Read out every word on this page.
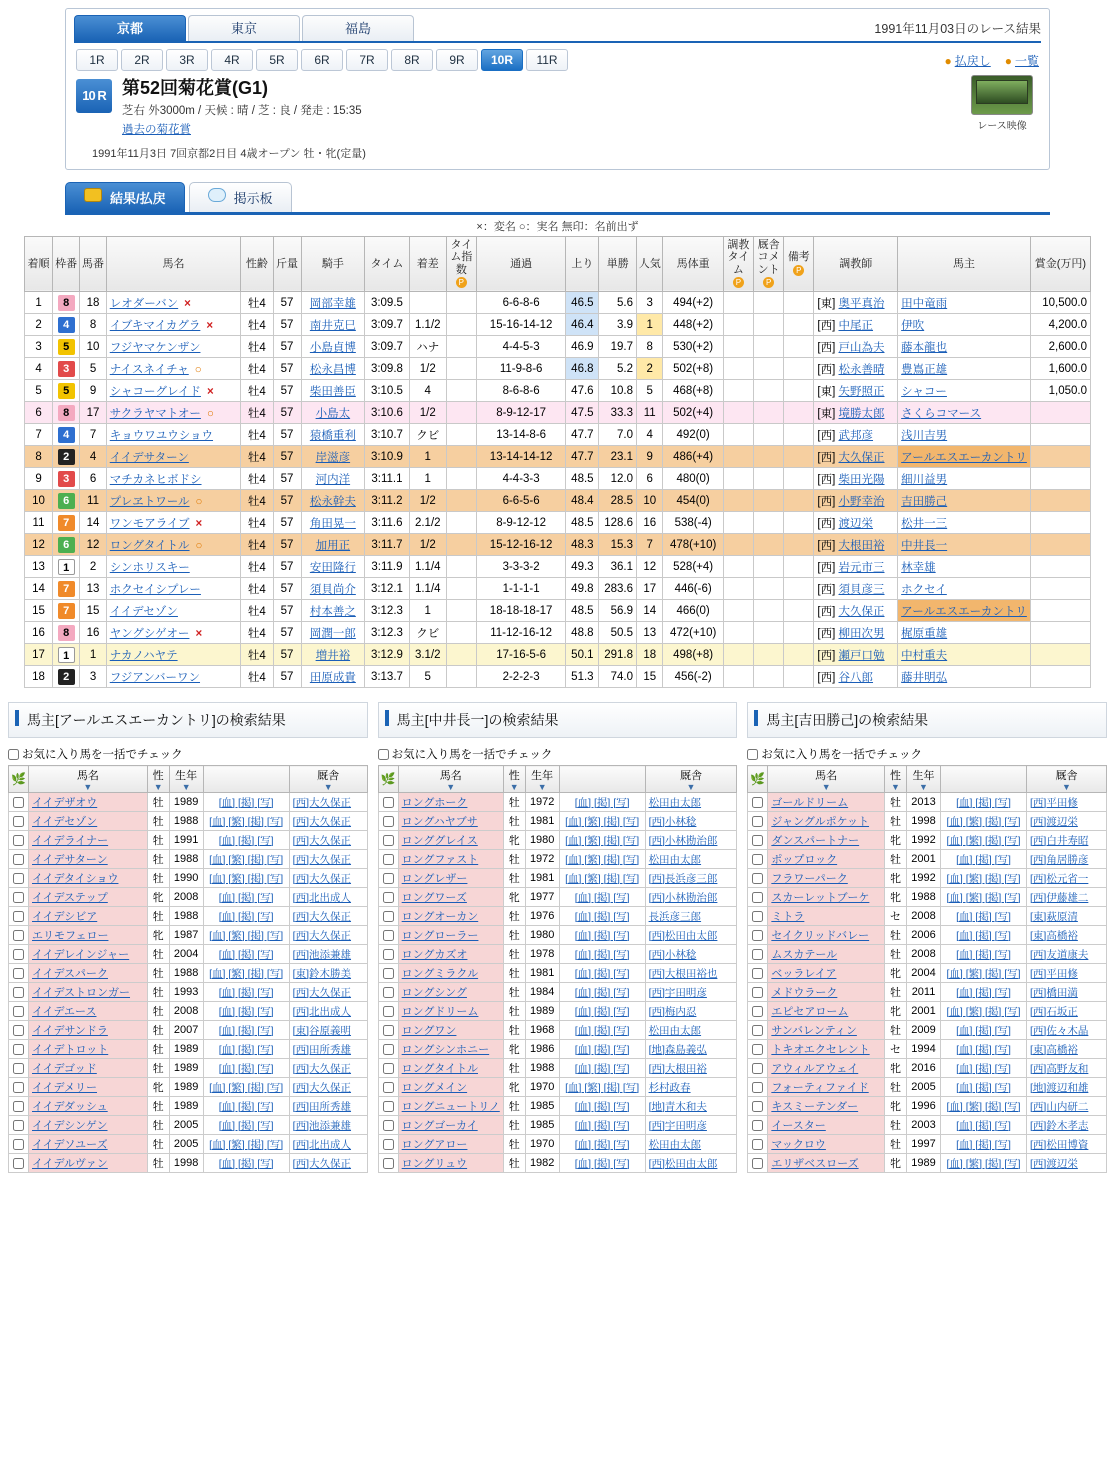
京都	東京	福島	1991年11月03日のレース結果
1R	2R	3R	4R	5R	6R	7R	8R	9R	10R	11R	● 払戻し ● 一覧
10 R 第52回菊花賞(G1)
芝右 外3000m / 天候 : 晴 / 芝 : 良 / 発走 : 15:35
過去の菊花賞	レース映像
1991年11月3日 7回京都2日目 4歳オープン 牡・牝(定量)
結果/払戻	掲示板
×：変名 ○：実名 無印：名前出ず
着順	枠番	馬番	馬名	性齢	斤量	騎手	タイム	着差	タイム指数
P	通過	上り	単勝	人気	馬体重	調教タイム
P	厩舎コメント
P	備考
P	調教師	馬主	賞金(万円)
1	8	18	レオダーバン ×	牡4	57	岡部幸雄	3:09.5			6-6-8-6	46.5	5.6	3	494(+2)				[東] 奥平真治	田中竜雨	10,500.0
2	4	8	イブキマイカグラ ×	牡4	57	南井克巳	3:09.7	1.1/2		15-16-14-12	46.4	3.9	1	448(+2)				[西] 中尾正	伊吹	4,200.0
3	5	10	フジヤマケンザン	牡4	57	小島貞博	3:09.7	ハナ		4-4-5-3	46.9	19.7	8	530(+2)				[西] 戸山為夫	藤本龍也	2,600.0
4	3	5	ナイスネイチャ ○	牡4	57	松永昌博	3:09.8	1/2		11-9-8-6	46.8	5.2	2	502(+8)				[西] 松永善晴	豊嶌正雄	1,600.0
5	5	9	シャコーグレイド ×	牡4	57	柴田善臣	3:10.5	4		8-6-8-6	47.6	10.8	5	468(+8)				[東] 矢野照正	シャコー	1,050.0
6	8	17	サクラヤマトオー ○	牡4	57	小島太	3:10.6	1/2		8-9-12-17	47.5	33.3	11	502(+4)				[東] 境勝太郎	さくらコマース	
7	4	7	キョウワユウショウ	牡4	57	猿橋重利	3:10.7	クビ		13-14-8-6	47.7	7.0	4	492(0)				[西] 武邦彦	浅川吉男	
8	2	4	イイデサターン	牡4	57	岸滋彦	3:10.9	1		13-14-14-12	47.7	23.1	9	486(+4)				[西] 大久保正	アールエスエーカントリ	
9	3	6	マチカネヒボドシ	牡4	57	河内洋	3:11.1	1		4-4-3-3	48.5	12.0	6	480(0)				[西] 柴田光陽	細川益男	
10	6	11	プレヱトワール ○	牡4	57	松永幹夫	3:11.2	1/2		6-6-5-6	48.4	28.5	10	454(0)				[西] 小野幸治	吉田勝己	
11	7	14	ワンモアライブ ×	牡4	57	角田晃一	3:11.6	2.1/2		8-9-12-12	48.5	128.6	16	538(-4)				[西] 渡辺栄	松井一三	
12	6	12	ロングタイトル ○	牡4	57	加用正	3:11.7	1/2		15-12-16-12	48.3	15.3	7	478(+10)				[西] 大根田裕	中井長一	
13	1	2	シンホリスキー	牡4	57	安田隆行	3:11.9	1.1/4		3-3-3-2	49.3	36.1	12	528(+4)				[西] 岩元市三	林幸雄	
14	7	13	ホクセイシプレー	牡4	57	須貝尚介	3:12.1	1.1/4		1-1-1-1	49.8	283.6	17	446(-6)				[西] 須貝彦三	ホクセイ	
15	7	15	イイデセゾン	牡4	57	村本善之	3:12.3	1		18-18-18-17	48.5	56.9	14	466(0)				[西] 大久保正	アールエスエーカントリ	
16	8	16	ヤングシゲオー ×	牡4	57	岡潤一郎	3:12.3	クビ		11-12-16-12	48.8	50.5	13	472(+10)				[西] 柳田次男	梶原重雄	
17	1	1	ナカノハヤテ	牡4	57	増井裕	3:12.9	3.1/2		17-16-5-6	50.1	291.8	18	498(+8)				[西] 瀬戸口勉	中村重夫	
18	2	3	フジアンバーワン	牡4	57	田原成貴	3:13.7	5		2-2-2-3	51.3	74.0	15	456(-2)				[西] 谷八郎	藤井明弘	
馬主[アールエスエーカントリ]の検索結果	馬主[中井長一]の検索結果	馬主[吉田勝己]の検索結果
お気に入り馬を一括でチェック
🌿	馬名
▼	性
▼	生年
▼		厩舎
▼

	イイデザオウ	牡	1989	[血] [掲] [写]	[西]大久保正
	イイデセゾン	牡	1988	[血] [繁] [掲] [写]	[西]大久保正
	イイデライナー	牡	1991	[血] [掲] [写]	[西]大久保正
	イイデサターン	牡	1988	[血] [繁] [掲] [写]	[西]大久保正
	イイデタイショウ	牡	1990	[血] [繁] [掲] [写]	[西]大久保正
	イイデステップ	牝	2008	[血] [掲] [写]	[西]北出成人
	イイデシビア	牡	1988	[血] [掲] [写]	[西]大久保正
	エリモフェロー	牝	1987	[血] [繁] [掲] [写]	[西]大久保正
	イイデレインジャー	牡	2004	[血] [掲] [写]	[西]池添兼雄
	イイデスパーク	牡	1988	[血] [繁] [掲] [写]	[東]鈴木勝美
	イイデストロンガー	牡	1993	[血] [掲] [写]	[西]大久保正
	イイデエース	牡	2008	[血] [掲] [写]	[西]北出成人
	イイデサンドラ	牡	2007	[血] [掲] [写]	[東]谷原義明
	イイデトロット	牡	1989	[血] [掲] [写]	[西]田所秀雄
	イイデゴッド	牡	1989	[血] [掲] [写]	[西]大久保正
	イイデメリー	牝	1989	[血] [繁] [掲] [写]	[西]大久保正
	イイデダッシュ	牡	1989	[血] [掲] [写]	[西]田所秀雄
	イイデシンゲン	牡	2005	[血] [掲] [写]	[西]池添兼雄
	イイデソユーズ	牡	2005	[血] [繁] [掲] [写]	[西]北出成人
	イイデルヴァン	牡	1998	[血] [掲] [写]	[西]大久保正
お気に入り馬を一括でチェック
🌿	馬名
▼	性
▼	生年
▼		厩舎
▼

	ロングホーク	牡	1972	[血] [掲] [写]	松田由太郎
	ロングハヤブサ	牡	1981	[血] [繁] [掲] [写]	[西]小林稔
	ロンググレイス	牝	1980	[血] [繁] [掲] [写]	[西]小林勘治郎
	ロングファスト	牡	1972	[血] [繁] [掲] [写]	松田由太郎
	ロングレザー	牡	1981	[血] [繁] [掲] [写]	[西]長浜彦三郎
	ロングワーズ	牝	1977	[血] [掲] [写]	[西]小林勘治郎
	ロングオーカン	牡	1976	[血] [掲] [写]	長浜彦三郎
	ロングローラー	牡	1980	[血] [掲] [写]	[西]松田由太郎
	ロングカズオ	牡	1978	[血] [掲] [写]	[西]小林稔
	ロングミラクル	牡	1981	[血] [掲] [写]	[西]大根田裕也
	ロングシング	牡	1984	[血] [掲] [写]	[西]宇田明彦
	ロングドリーム	牡	1989	[血] [掲] [写]	[西]梅内忍
	ロングワン	牡	1968	[血] [掲] [写]	松田由太郎
	ロングシンホニー	牝	1986	[血] [掲] [写]	[地]森島義弘
	ロングタイトル	牡	1988	[血] [掲] [写]	[西]大根田裕
	ロングメイン	牝	1970	[血] [繁] [掲] [写]	杉村政春
	ロングニュートリノ	牡	1985	[血] [掲] [写]	[地]青木和夫
	ロングゴーカイ	牡	1985	[血] [掲] [写]	[西]宇田明彦
	ロングアロー	牡	1970	[血] [掲] [写]	松田由太郎
	ロングリュウ	牡	1982	[血] [掲] [写]	[西]松田由太郎
お気に入り馬を一括でチェック
🌿	馬名
▼	性
▼	生年
▼		厩舎
▼

	ゴールドリーム	牡	2013	[血] [掲] [写]	[西]平田修
	ジャングルポケット	牡	1998	[血] [繁] [掲] [写]	[西]渡辺栄
	ダンスパートナー	牝	1992	[血] [繁] [掲] [写]	[西]白井寿昭
	ポップロック	牡	2001	[血] [掲] [写]	[西]角居勝彦
	フラワーパーク	牝	1992	[血] [繁] [掲] [写]	[西]松元省一
	スカーレットブーケ	牝	1988	[血] [繁] [掲] [写]	[西]伊藤雄二
	ミトラ	セ	2008	[血] [掲] [写]	[東]萩原清
	セイクリッドバレー	牡	2006	[血] [掲] [写]	[東]高橋裕
	ムスカテール	牡	2008	[血] [掲] [写]	[西]友道康夫
	ベッラレイア	牝	2004	[血] [繁] [掲] [写]	[西]平田修
	メドウラーク	牡	2011	[血] [掲] [写]	[西]橋田満
	エピセアローム	牝	2001	[血] [繁] [掲] [写]	[西]石坂正
	サンバレンティン	牡	2009	[血] [掲] [写]	[西]佐々木晶
	トキオエクセレント	セ	1994	[血] [掲] [写]	[東]高橋裕
	アウィルアウェイ	牝	2016	[血] [掲] [写]	[西]高野友和
	フォーティファイド	牡	2005	[血] [掲] [写]	[地]渡辺和雄
	キスミーテンダー	牝	1996	[血] [繁] [掲] [写]	[西]山内研二
	イースター	牡	2003	[血] [掲] [写]	[西]鈴木孝志
	マックロウ	牡	1997	[血] [掲] [写]	[西]松田博資
	エリザベスローズ	牝	1989	[血] [繁] [掲] [写]	[西]渡辺栄
